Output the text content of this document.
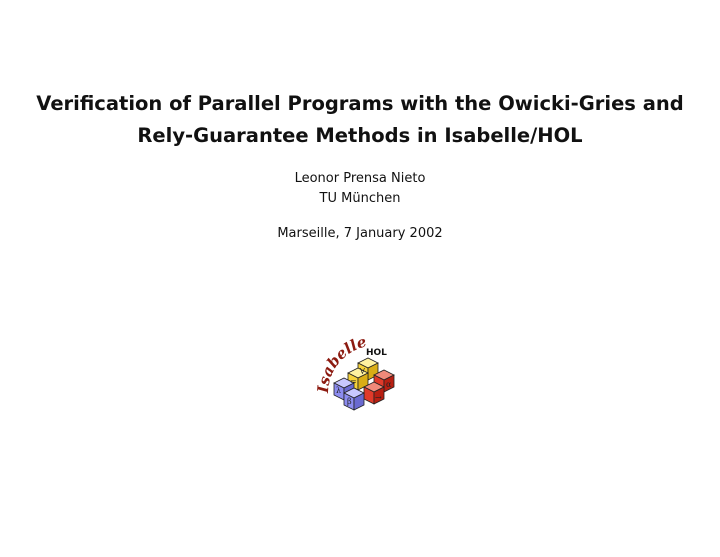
Verification of Parallel Programs with the Owicki-Gries and
Rely-Guarantee Methods in Isabelle/HOL
Leonor Prensa Nieto
TU München
Marseille, 7 January 2002
Isabelle
HOL
λ
β
=	α
∀
→
